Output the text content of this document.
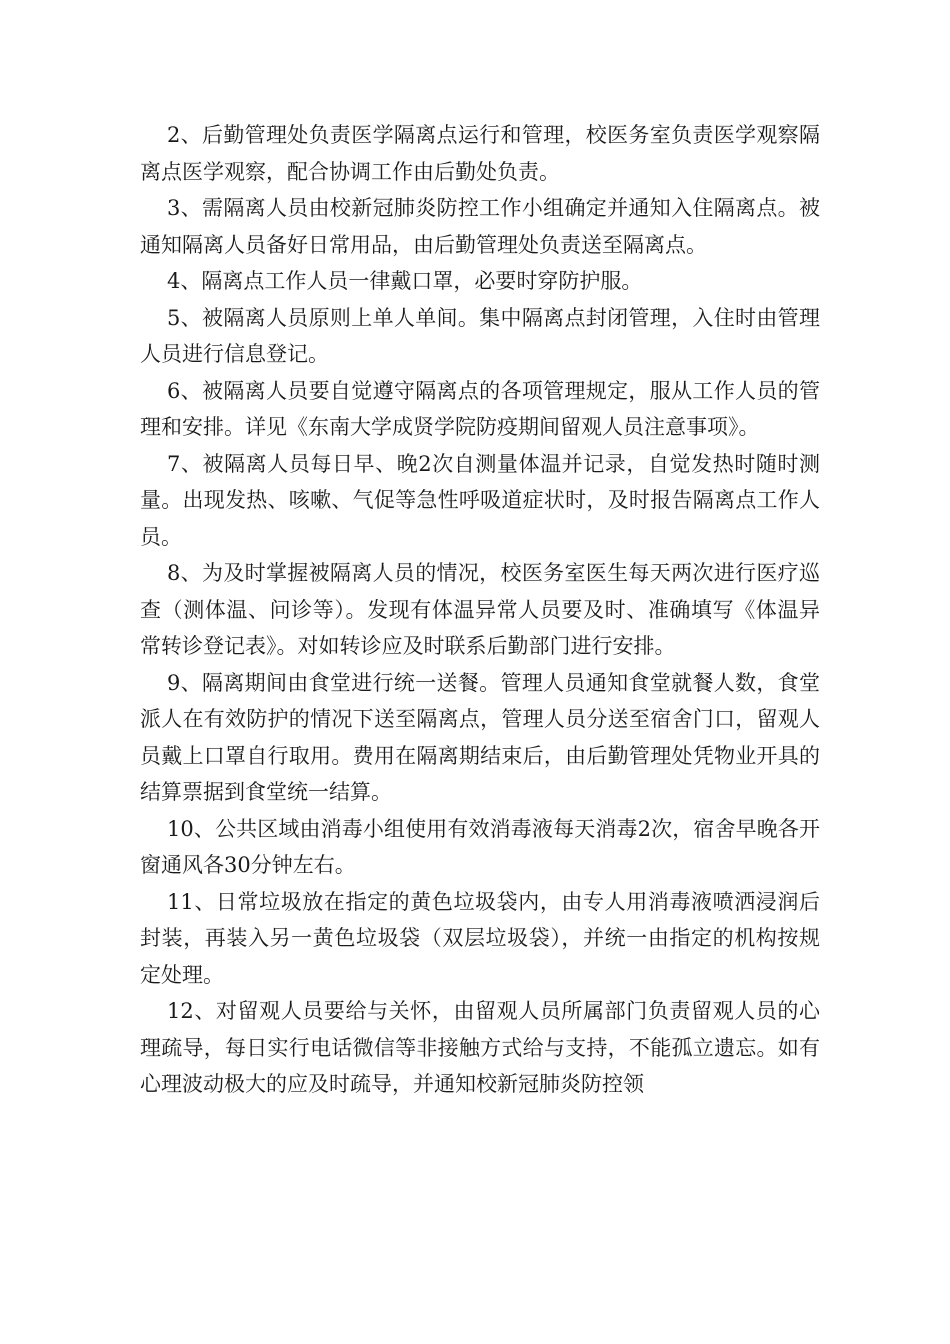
2、后勤管理处负责医学隔离点运行和管理，校医务室负责医学观察隔离点医学观察，配合协调工作由后勤处负责。

3、需隔离人员由校新冠肺炎防控工作小组确定并通知入住隔离点。被通知隔离人员备好日常用品，由后勤管理处负责送至隔离点。

4、隔离点工作人员一律戴口罩，必要时穿防护服。

5、被隔离人员原则上单人单间。集中隔离点封闭管理，入住时由管理人员进行信息登记。

6、被隔离人员要自觉遵守隔离点的各项管理规定，服从工作人员的管理和安排。详见《东南大学成贤学院防疫期间留观人员注意事项》。

7、被隔离人员每日早、晚2次自测量体温并记录，自觉发热时随时测量。出现发热、咳嗽、气促等急性呼吸道症状时，及时报告隔离点工作人员。

8、为及时掌握被隔离人员的情况，校医务室医生每天两次进行医疗巡查（测体温、问诊等）。发现有体温异常人员要及时、准确填写《体温异常转诊登记表》。对如转诊应及时联系后勤部门进行安排。

9、隔离期间由食堂进行统一送餐。管理人员通知食堂就餐人数，食堂派人在有效防护的情况下送至隔离点，管理人员分送至宿舍门口，留观人员戴上口罩自行取用。费用在隔离期结束后，由后勤管理处凭物业开具的结算票据到食堂统一结算。

10、公共区域由消毒小组使用有效消毒液每天消毒2次，宿舍早晚各开窗通风各30分钟左右。

11、日常垃圾放在指定的黄色垃圾袋内，由专人用消毒液喷洒浸润后封装，再装入另一黄色垃圾袋（双层垃圾袋），并统一由指定的机构按规定处理。

12、对留观人员要给与关怀，由留观人员所属部门负责留观人员的心理疏导，每日实行电话微信等非接触方式给与支持，不能孤立遗忘。如有心理波动极大的应及时疏导，并通知校新冠肺炎防控领
